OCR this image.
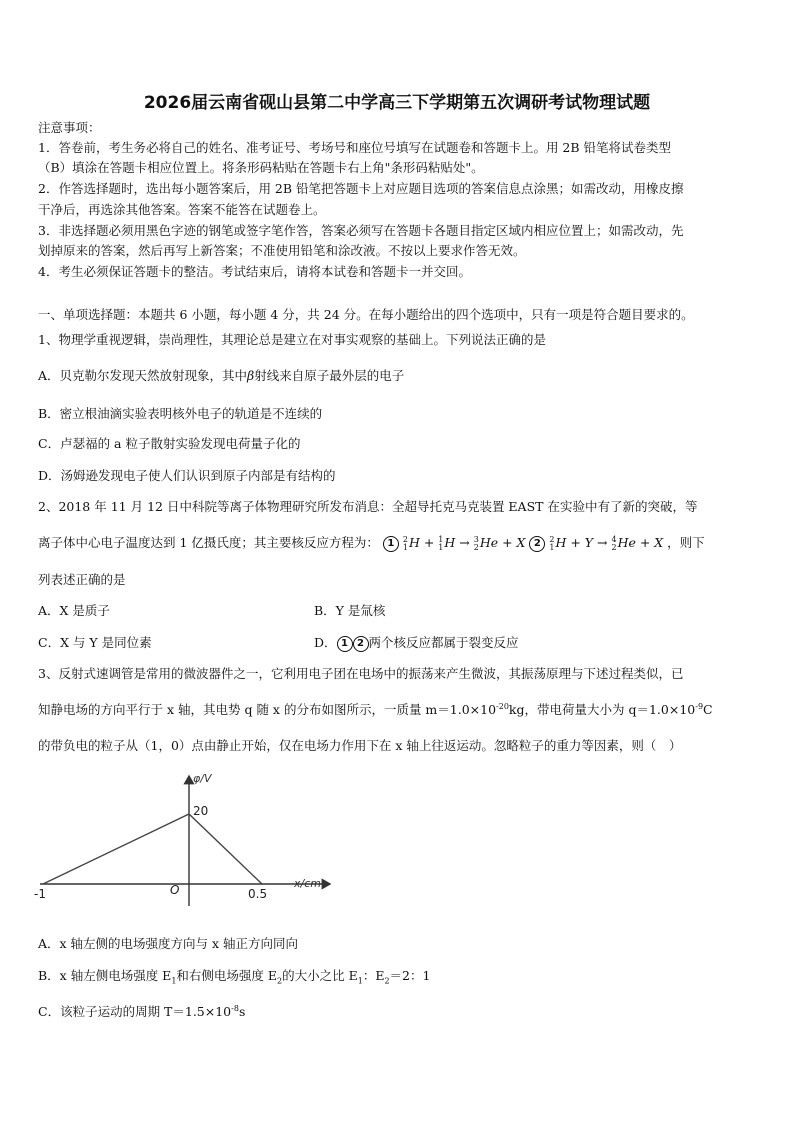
2026届云南省砚山县第二中学高三下学期第五次调研考试物理试题
注意事项：
1．答卷前，考生务必将自己的姓名、准考证号、考场号和座位号填写在试题卷和答题卡上。用 2B 铅笔将试卷类型
（B）填涂在答题卡相应位置上。将条形码粘贴在答题卡右上角"条形码粘贴处"。
2．作答选择题时，选出每小题答案后，用 2B 铅笔把答题卡上对应题目选项的答案信息点涂黑；如需改动，用橡皮擦
干净后，再选涂其他答案。答案不能答在试题卷上。
3．非选择题必须用黑色字迹的钢笔或签字笔作答，答案必须写在答题卡各题目指定区域内相应位置上；如需改动，先
划掉原来的答案，然后再写上新答案；不准使用铅笔和涂改液。不按以上要求作答无效。
4．考生必须保证答题卡的整洁。考试结束后，请将本试卷和答题卡一并交回。
一、单项选择题：本题共 6 小题，每小题 4 分，共 24 分。在每小题给出的四个选项中，只有一项是符合题目要求的。
1、物理学重视逻辑，崇尚理性，其理论总是建立在对事实观察的基础上。下列说法正确的是
A．贝克勒尔发现天然放射现象，其中β射线来自原子最外层的电子
B．密立根油滴实验表明核外电子的轨道是不连续的
C．卢瑟福的 a 粒子散射实验发现电荷量子化的
D．汤姆逊发现电子使人们认识到原子内部是有结构的
2、2018 年 11 月 12 日中科院等离子体物理研究所发布消息：全超导托克马克装置 EAST 在实验中有了新的突破，等
离子体中心电子温度达到 1 亿摄氏度；其主要核反应方程为： 1 2
1 H + 1
1 H → 3
2 He + X 2 2
1 H + Y → 4
2 He + X ，则下
列表述正确的是
A．X 是质子	B．Y 是氚核
C．X 与 Y 是同位素	D． 1 2 两个核反应都属于裂变反应
3、反射式速调管是常用的微波器件之一，它利用电子团在电场中的振荡来产生微波，其振荡原理与下述过程类似，已
知静电场的方向平行于 x 轴，其电势 q 随 x 的分布如图所示，一质量 $m=1.0\times 10^{-20}kg$，带电荷量大小为 $q=1.0\times 10^{-9}C$
的带负电的粒子从（1，0）点由静止开始，仅在电场力作用下在 x 轴上往返运动。忽略粒子的重力等因素，则（　）
φ/V
x/cm
20
O
-1	0.5
A．x 轴左侧的电场强度方向与 x 轴正方向同向
B．x 轴左侧电场强度 $E_1$和右侧电场强度 $E_2$的大小之比 $E_1$：$E_2=2$：1
C．该粒子运动的周期 $T=1.5\times 10^{-8}s$
